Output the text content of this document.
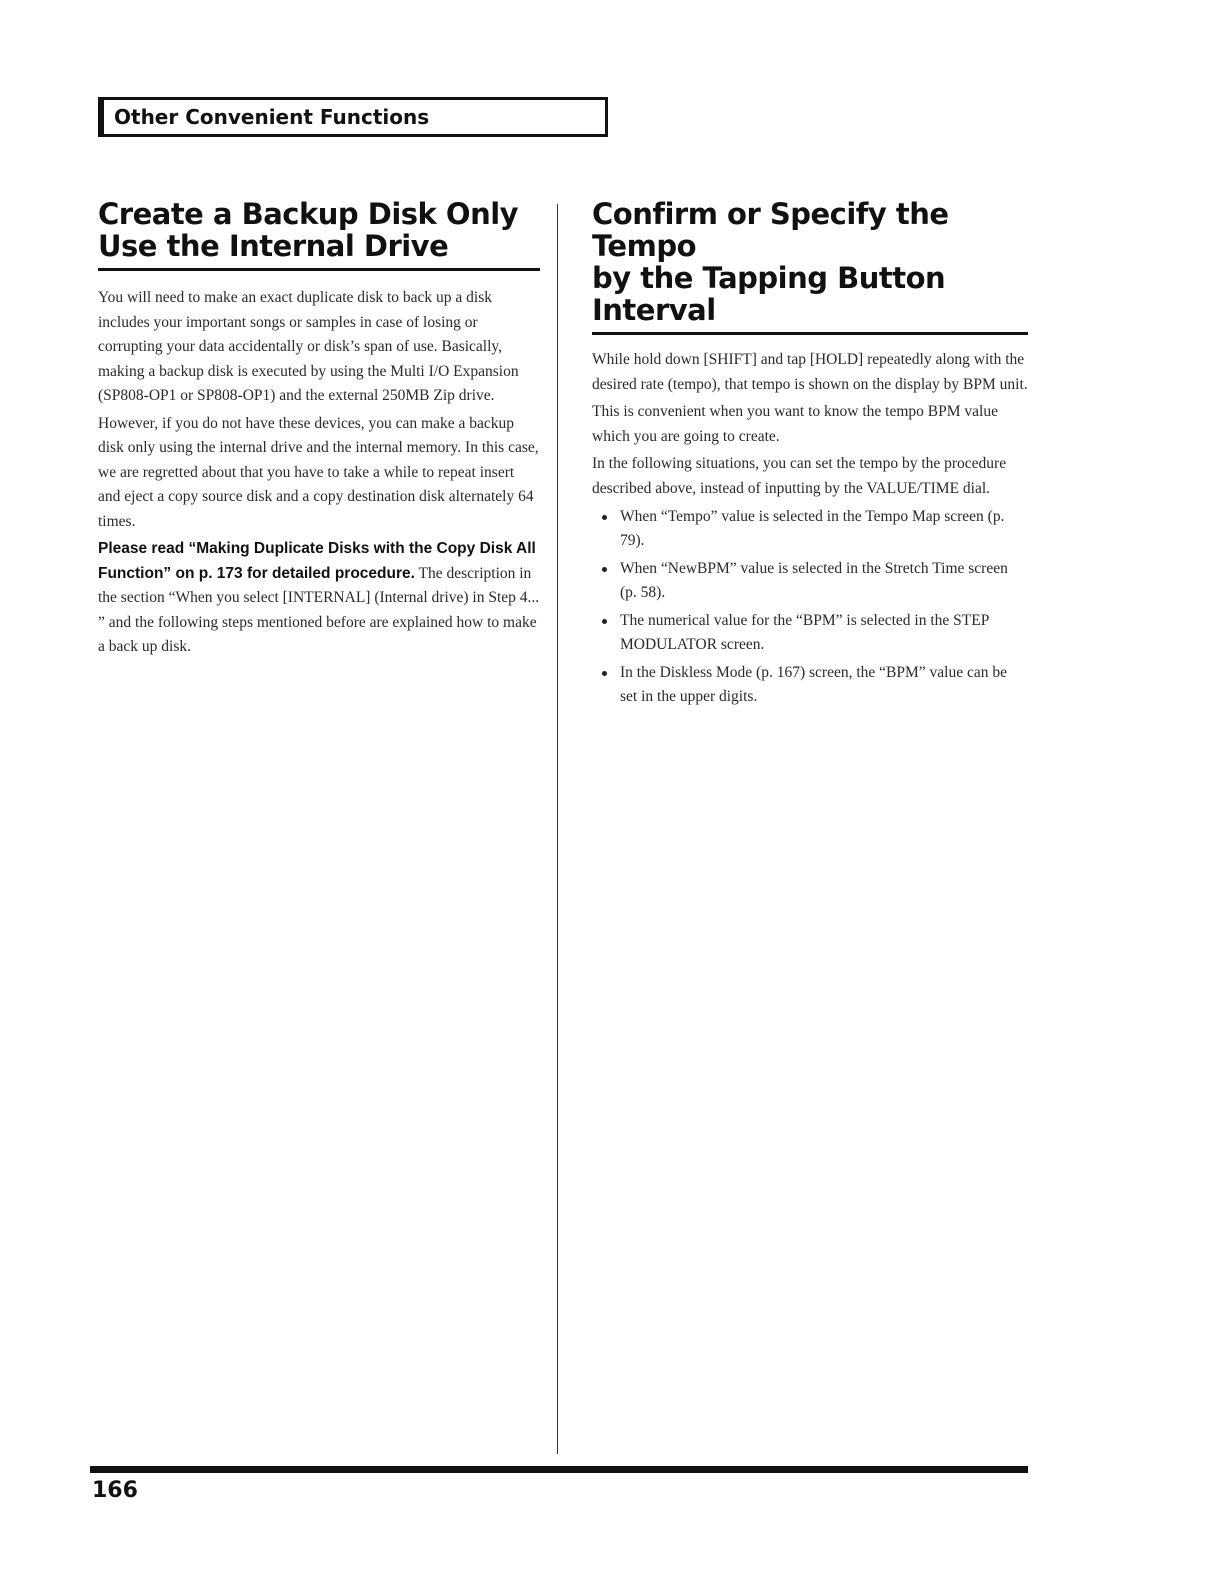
Other Convenient Functions
Create a Backup Disk Only
Use the Internal Drive

You will need to make an exact duplicate disk to back up a disk includes your important songs or samples in case of losing or corrupting your data accidentally or disk’s span of use. Basically, making a backup disk is executed by using the Multi I/O Expansion (SP808-OP1 or SP808-OP1) and the external 250MB Zip drive.

However, if you do not have these devices, you can make a backup disk only using the internal drive and the internal memory. In this case, we are regretted about that you have to take a while to repeat insert and eject a copy source disk and a copy destination disk alternately 64 times.

Please read “Making Duplicate Disks with the Copy Disk All Function” on p. 173 for detailed procedure. The description in the section “When you select [INTERNAL] (Internal drive) in Step 4... ” and the following steps mentioned before are explained how to make a back up disk.

Confirm or Specify the Tempo
by the Tapping Button Interval

While hold down [SHIFT] and tap [HOLD] repeatedly along with the desired rate (tempo), that tempo is shown on the display by BPM unit.

This is convenient when you want to know the tempo BPM value which you are going to create.

In the following situations, you can set the tempo by the procedure described above, instead of inputting by the VALUE/TIME dial.

When “Tempo” value is selected in the Tempo Map screen (p. 79).
When “NewBPM” value is selected in the Stretch Time screen (p. 58).
The numerical value for the “BPM” is selected in the STEP MODULATOR screen.
In the Diskless Mode (p. 167) screen, the “BPM” value can be set in the upper digits.
166
